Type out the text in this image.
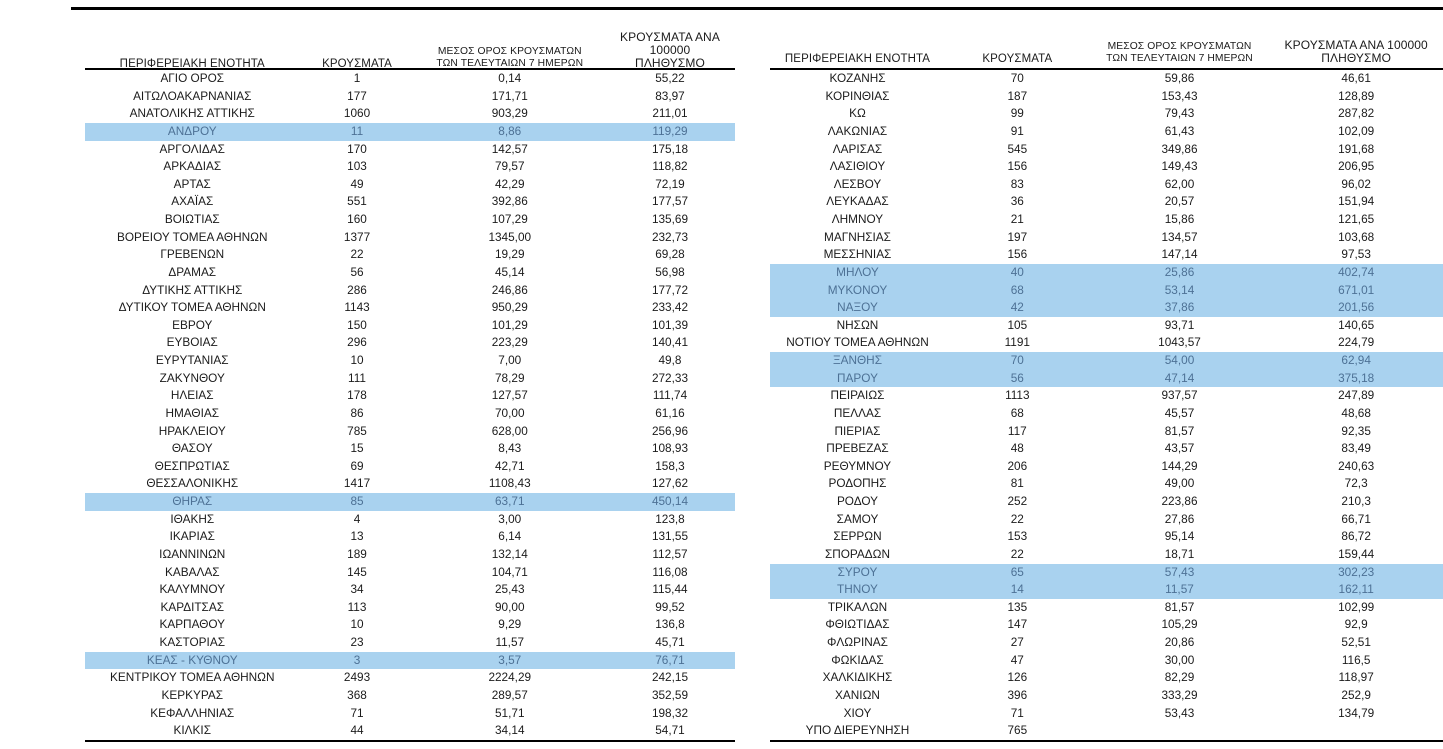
ΠΕΡΙΦΕΡΕΙΑΚΗ ΕΝΟΤΗΤΑ	ΚΡΟΥΣΜΑΤΑ
ΜΕΣΟΣ ΟΡΟΣ ΚΡΟΥΣΜΑΤΩΝ
ΤΩΝ ΤΕΛΕΥΤΑΙΩΝ 7 ΗΜΕΡΩΝ
ΚΡΟΥΣΜΑΤΑ ΑΝΑ 100000
ΠΛΗΘΥΣΜΟ
ΑΓΙΟ ΟΡΟΣ	1	0,14	55,22
ΑΙΤΩΛΟΑΚΑΡΝΑΝΙΑΣ	177	171,71	83,97
ΑΝΑΤΟΛΙΚΗΣ ΑΤΤΙΚΗΣ	1060	903,29	211,01
ΑΝΔΡΟΥ	11	8,86	119,29
ΑΡΓΟΛΙΔΑΣ	170	142,57	175,18
ΑΡΚΑΔΙΑΣ	103	79,57	118,82
ΑΡΤΑΣ	49	42,29	72,19
ΑΧΑΪΑΣ	551	392,86	177,57
ΒΟΙΩΤΙΑΣ	160	107,29	135,69
ΒΟΡΕΙΟΥ ΤΟΜΕΑ ΑΘΗΝΩΝ	1377	1345,00	232,73
ΓΡΕΒΕΝΩΝ	22	19,29	69,28
ΔΡΑΜΑΣ	56	45,14	56,98
ΔΥΤΙΚΗΣ ΑΤΤΙΚΗΣ	286	246,86	177,72
ΔΥΤΙΚΟΥ ΤΟΜΕΑ ΑΘΗΝΩΝ	1143	950,29	233,42
ΕΒΡΟΥ	150	101,29	101,39
ΕΥΒΟΙΑΣ	296	223,29	140,41
ΕΥΡΥΤΑΝΙΑΣ	10	7,00	49,8
ΖΑΚΥΝΘΟΥ	111	78,29	272,33
ΗΛΕΙΑΣ	178	127,57	111,74
ΗΜΑΘΙΑΣ	86	70,00	61,16
ΗΡΑΚΛΕΙΟΥ	785	628,00	256,96
ΘΑΣΟΥ	15	8,43	108,93
ΘΕΣΠΡΩΤΙΑΣ	69	42,71	158,3
ΘΕΣΣΑΛΟΝΙΚΗΣ	1417	1108,43	127,62
ΘΗΡΑΣ	85	63,71	450,14
ΙΘΑΚΗΣ	4	3,00	123,8
ΙΚΑΡΙΑΣ	13	6,14	131,55
ΙΩΑΝΝΙΝΩΝ	189	132,14	112,57
ΚΑΒΑΛΑΣ	145	104,71	116,08
ΚΑΛΥΜΝΟΥ	34	25,43	115,44
ΚΑΡΔΙΤΣΑΣ	113	90,00	99,52
ΚΑΡΠΑΘΟΥ	10	9,29	136,8
ΚΑΣΤΟΡΙΑΣ	23	11,57	45,71
ΚΕΑΣ - ΚΥΘΝΟΥ	3	3,57	76,71
ΚΕΝΤΡΙΚΟΥ ΤΟΜΕΑ ΑΘΗΝΩΝ	2493	2224,29	242,15
ΚΕΡΚΥΡΑΣ	368	289,57	352,59
ΚΕΦΑΛΛΗΝΙΑΣ	71	51,71	198,32
ΚΙΛΚΙΣ	44	34,14	54,71
ΠΕΡΙΦΕΡΕΙΑΚΗ ΕΝΟΤΗΤΑ	ΚΡΟΥΣΜΑΤΑ
ΜΕΣΟΣ ΟΡΟΣ ΚΡΟΥΣΜΑΤΩΝ
ΤΩΝ ΤΕΛΕΥΤΑΙΩΝ 7 ΗΜΕΡΩΝ
ΚΡΟΥΣΜΑΤΑ ΑΝΑ 100000
ΠΛΗΘΥΣΜΟ
ΚΟΖΑΝΗΣ	70	59,86	46,61
ΚΟΡΙΝΘΙΑΣ	187	153,43	128,89
ΚΩ	99	79,43	287,82
ΛΑΚΩΝΙΑΣ	91	61,43	102,09
ΛΑΡΙΣΑΣ	545	349,86	191,68
ΛΑΣΙΘΙΟΥ	156	149,43	206,95
ΛΕΣΒΟΥ	83	62,00	96,02
ΛΕΥΚΑΔΑΣ	36	20,57	151,94
ΛΗΜΝΟΥ	21	15,86	121,65
ΜΑΓΝΗΣΙΑΣ	197	134,57	103,68
ΜΕΣΣΗΝΙΑΣ	156	147,14	97,53
ΜΗΛΟΥ	40	25,86	402,74
ΜΥΚΟΝΟΥ	68	53,14	671,01
ΝΑΞΟΥ	42	37,86	201,56
ΝΗΣΩΝ	105	93,71	140,65
ΝΟΤΙΟΥ ΤΟΜΕΑ ΑΘΗΝΩΝ	1191	1043,57	224,79
ΞΑΝΘΗΣ	70	54,00	62,94
ΠΑΡΟΥ	56	47,14	375,18
ΠΕΙΡΑΙΩΣ	1113	937,57	247,89
ΠΕΛΛΑΣ	68	45,57	48,68
ΠΙΕΡΙΑΣ	117	81,57	92,35
ΠΡΕΒΕΖΑΣ	48	43,57	83,49
ΡΕΘΥΜΝΟΥ	206	144,29	240,63
ΡΟΔΟΠΗΣ	81	49,00	72,3
ΡΟΔΟΥ	252	223,86	210,3
ΣΑΜΟΥ	22	27,86	66,71
ΣΕΡΡΩΝ	153	95,14	86,72
ΣΠΟΡΑΔΩΝ	22	18,71	159,44
ΣΥΡΟΥ	65	57,43	302,23
ΤΗΝΟΥ	14	11,57	162,11
ΤΡΙΚΑΛΩΝ	135	81,57	102,99
ΦΘΙΩΤΙΔΑΣ	147	105,29	92,9
ΦΛΩΡΙΝΑΣ	27	20,86	52,51
ΦΩΚΙΔΑΣ	47	30,00	116,5
ΧΑΛΚΙΔΙΚΗΣ	126	82,29	118,97
ΧΑΝΙΩΝ	396	333,29	252,9
ΧΙΟΥ	71	53,43	134,79
ΥΠΟ ΔΙΕΡΕΥΝΗΣΗ	765
